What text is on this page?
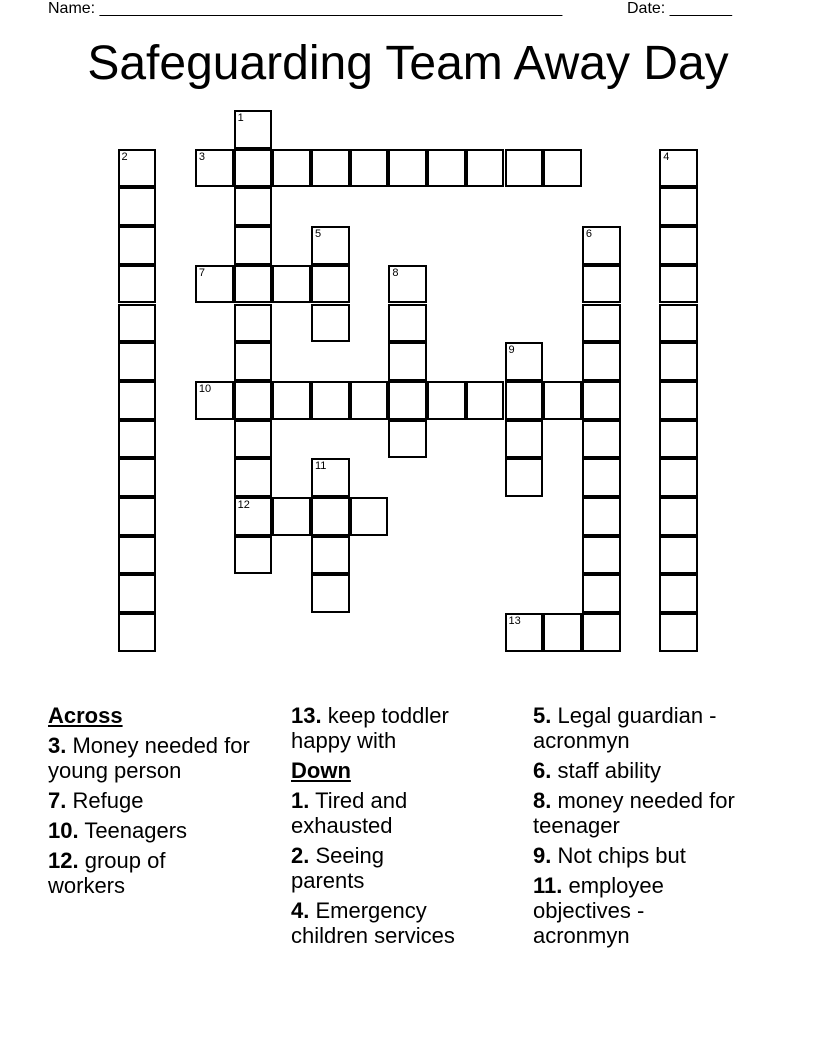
Name: ____________________________________________________	Date: _______
Safeguarding Team Away Day
1
12
2	3	4
5	6
7	8
9
10
11
13
Across
3. Money needed for young person
7. Refuge
10. Teenagers
12. group of workers
13. keep toddler happy with
Down
1. Tired and exhausted
2. Seeing parents
4. Emergency children services
5. Legal guardian - acronmyn
6. staff ability
8. money needed for teenager
9. Not chips but
11. employee objectives - acronmyn
